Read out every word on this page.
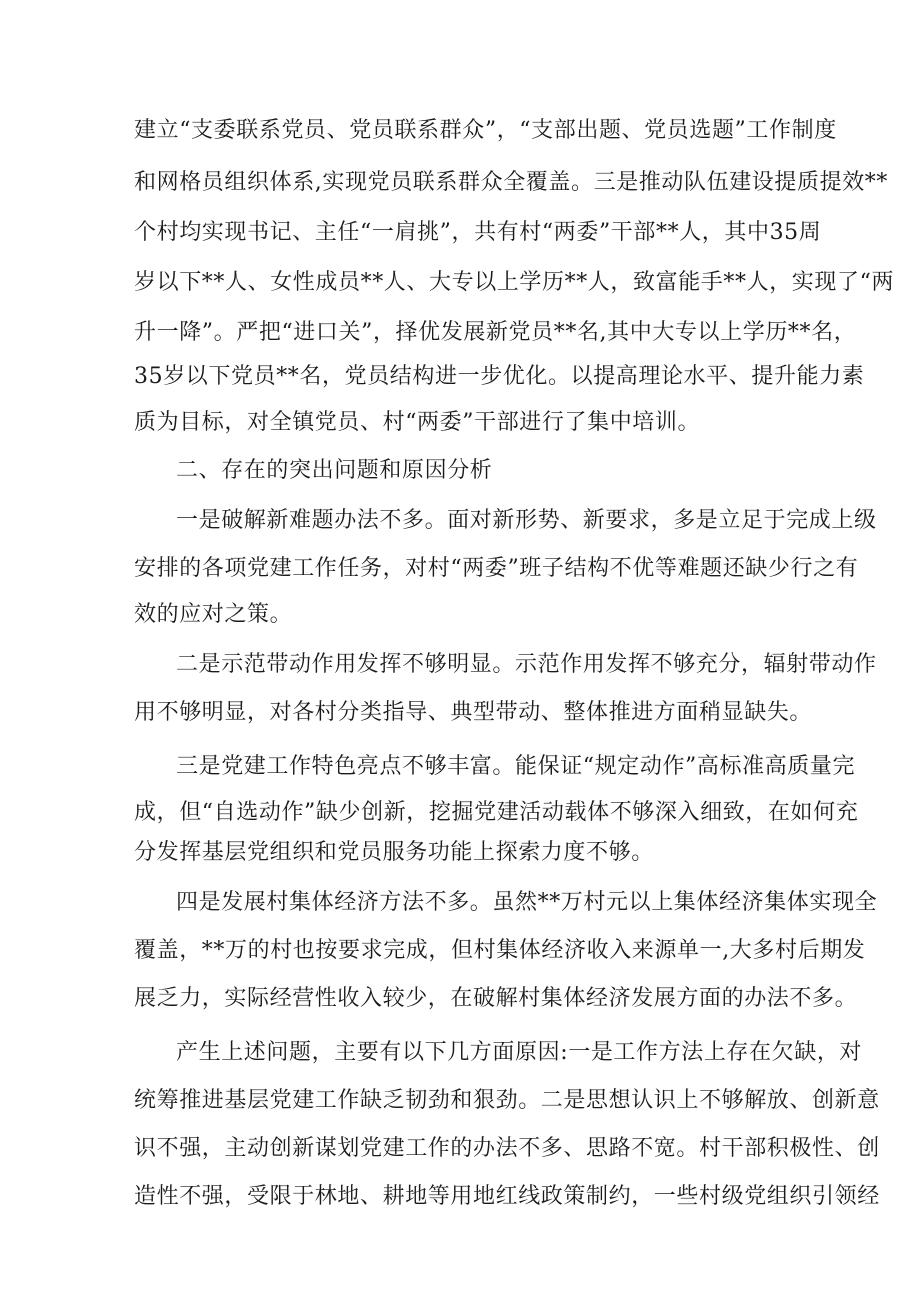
建立“支委联系党员、党员联系群众”，“支部出题、党员选题”工作制度
和网格员组织体系,实现党员联系群众全覆盖。三是推动队伍建设提质提效**
个村均实现书记、主任“一肩挑”，共有村“两委”干部**人，其中35周
岁以下**人、女性成员**人、大专以上学历**人，致富能手**人，实现了“两
升一降”。严把“进口关”，择优发展新党员**名,其中大专以上学历**名，
35岁以下党员**名，党员结构进一步优化。以提高理论水平、提升能力素
质为目标，对全镇党员、村“两委”干部进行了集中培训。
二、存在的突出问题和原因分析
一是破解新难题办法不多。面对新形势、新要求，多是立足于完成上级
安排的各项党建工作任务，对村“两委”班子结构不优等难题还缺少行之有
效的应对之策。
二是示范带动作用发挥不够明显。示范作用发挥不够充分，辐射带动作
用不够明显，对各村分类指导、典型带动、整体推进方面稍显缺失。
三是党建工作特色亮点不够丰富。能保证“规定动作”高标准高质量完
成，但“自选动作”缺少创新，挖掘党建活动载体不够深入细致，在如何充
分发挥基层党组织和党员服务功能上探索力度不够。
四是发展村集体经济方法不多。虽然**万村元以上集体经济集体实现全
覆盖，**万的村也按要求完成，但村集体经济收入来源单一,大多村后期发
展乏力，实际经营性收入较少，在破解村集体经济发展方面的办法不多。
产生上述问题，主要有以下几方面原因:一是工作方法上存在欠缺，对
统筹推进基层党建工作缺乏韧劲和狠劲。二是思想认识上不够解放、创新意
识不强，主动创新谋划党建工作的办法不多、思路不宽。村干部积极性、创
造性不强，受限于林地、耕地等用地红线政策制约，一些村级党组织引领经
